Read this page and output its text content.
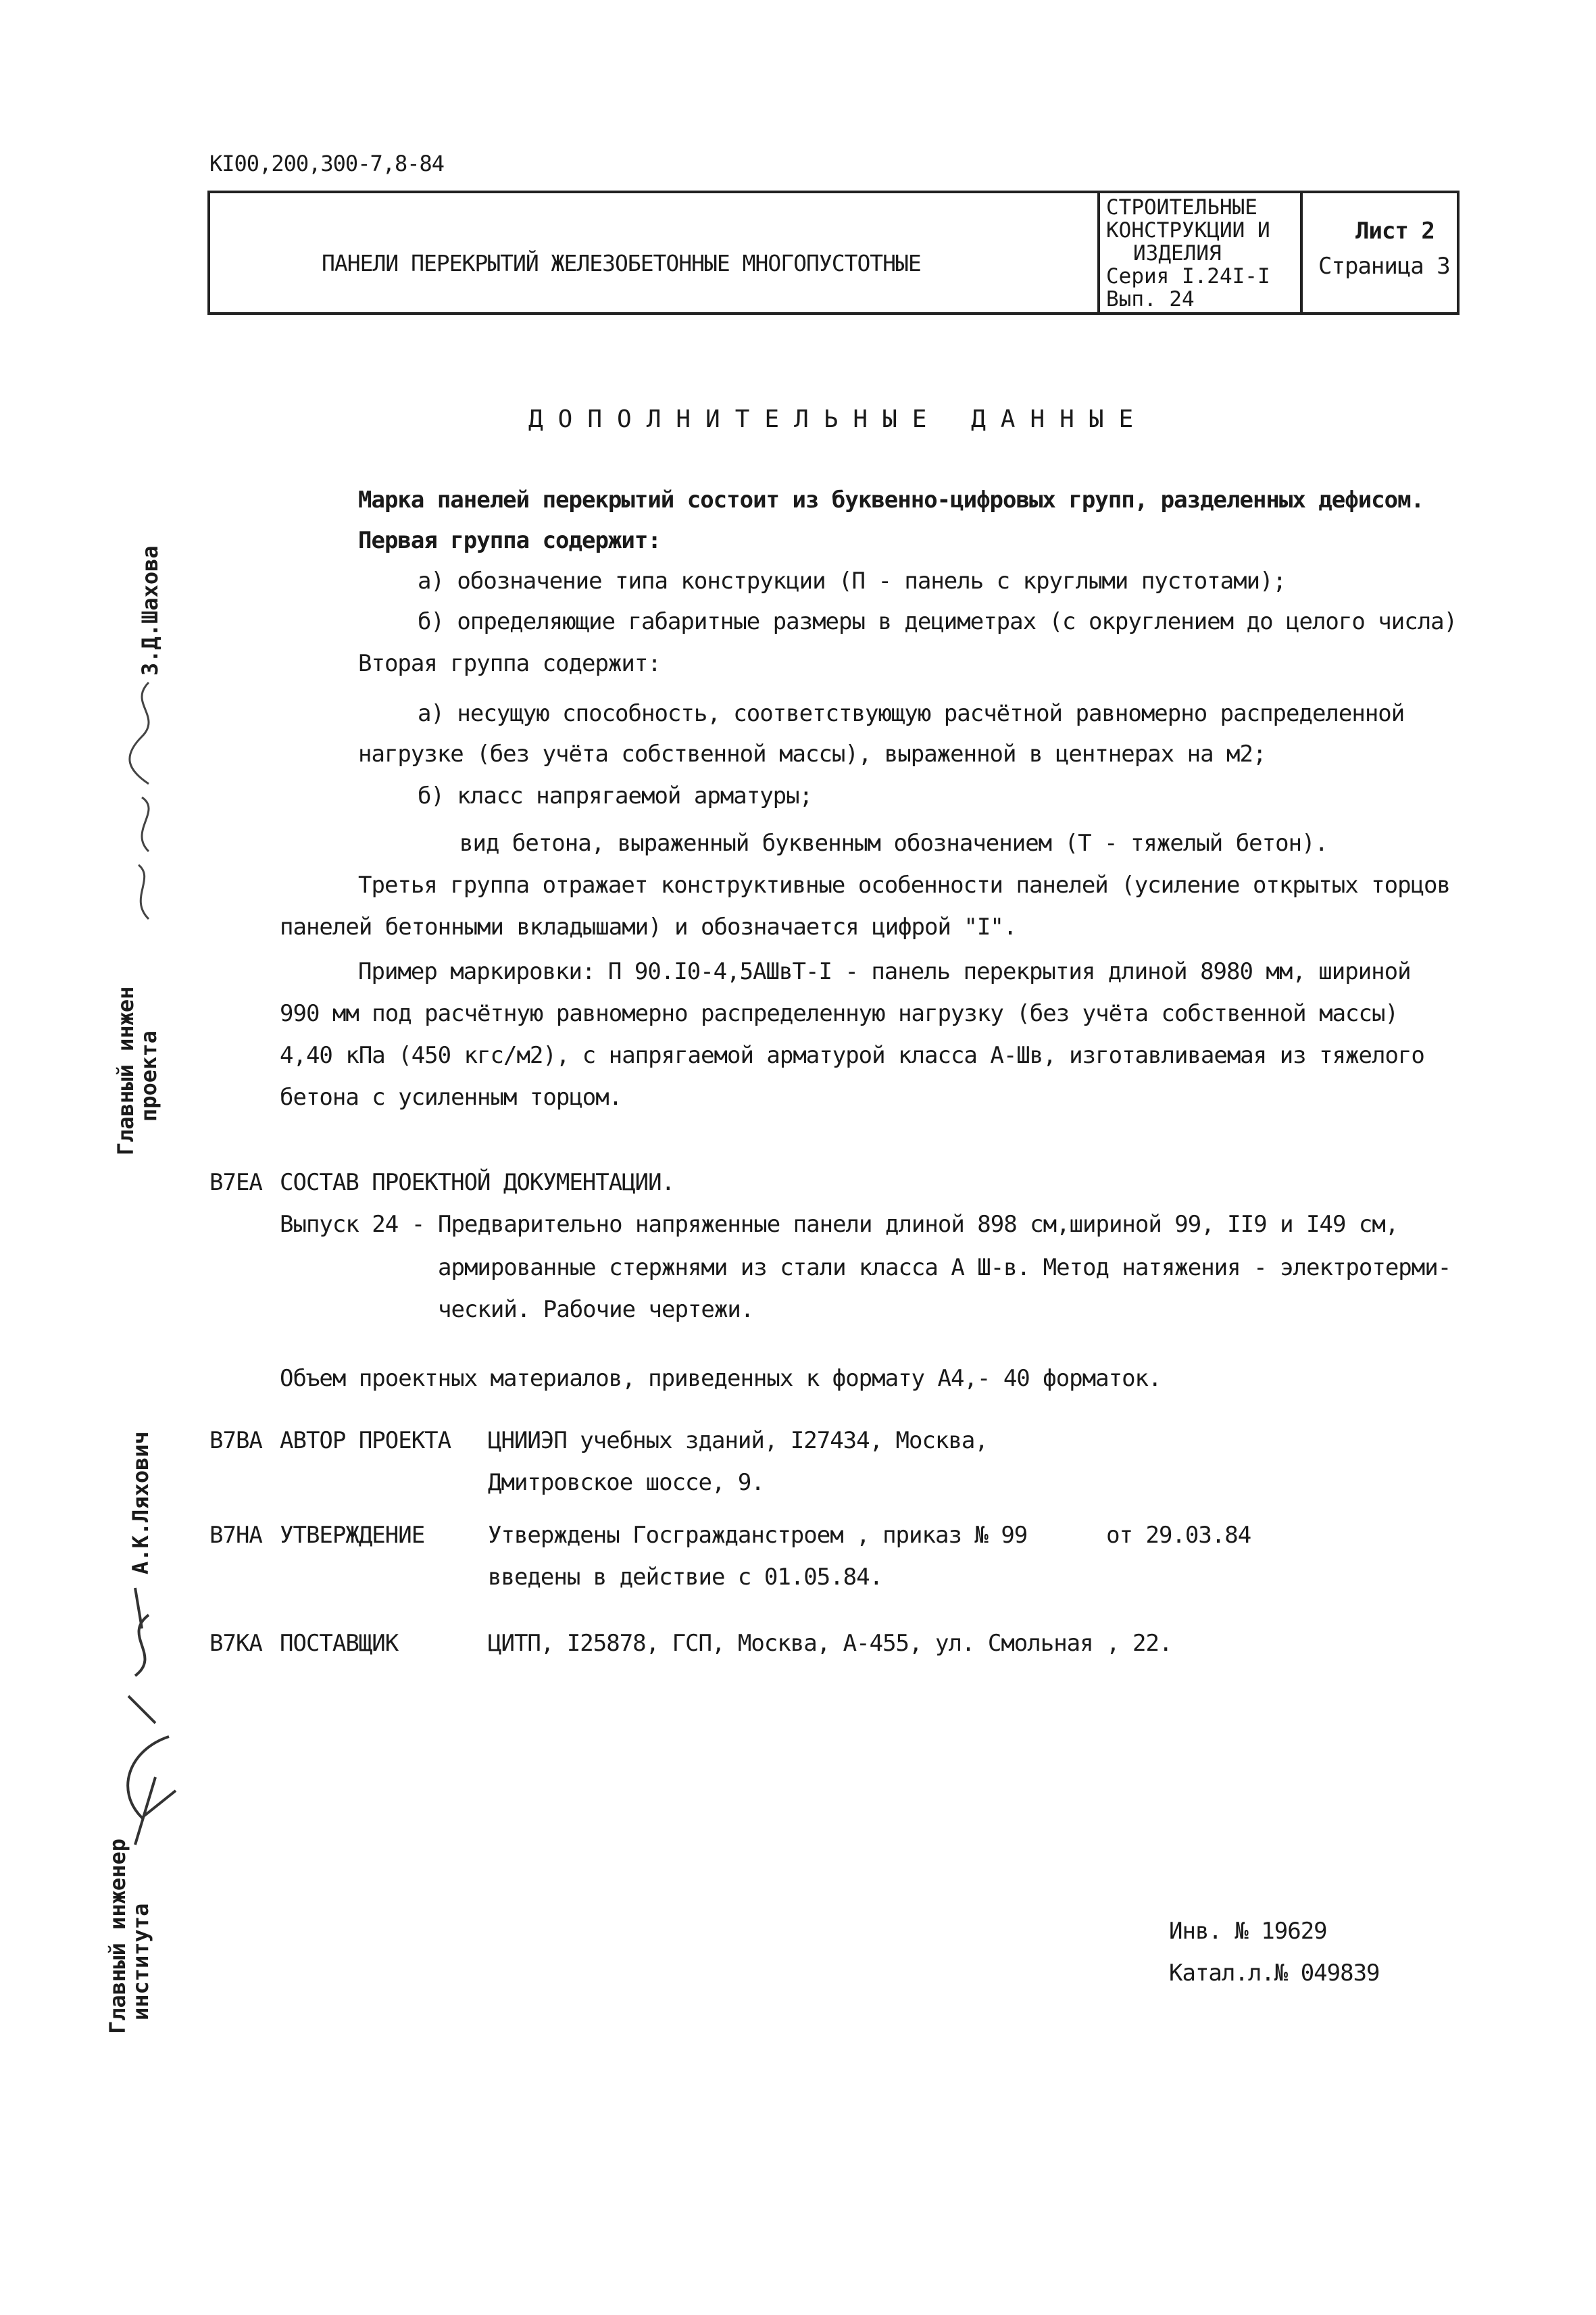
КI00,200,300-7,8-84
ПАНЕЛИ ПЕРЕКРЫТИЙ ЖЕЛЕЗОБЕТОННЫЕ МНОГОПУСТОТНЫЕ
СТРОИТЕЛЬНЫЕ
КОНСТРУКЦИИ И
ИЗДЕЛИЯ
Серия I.24I-I
Вып. 24
Лист 2
Страница 3
ДОПОЛНИТЕЛЬНЫЕ ДАННЫЕ
Марка панелей перекрытий состоит из буквенно-цифровых групп, разделенных дефисом.
Первая группа содержит:
а) обозначение типа конструкции (П - панель с круглыми пустотами);
б) определяющие габаритные размеры в дециметрах (с округлением до целого числа)
Вторая группа содержит:
а) несущую способность, соответствующую расчётной равномерно распределенной
нагрузке (без учёта собственной массы), выраженной в центнерах на м2;
б) класс напрягаемой арматуры;
вид бетона, выраженный буквенным обозначением (Т - тяжелый бетон).
Третья группа отражает конструктивные особенности панелей (усиление открытых торцов
панелей бетонными вкладышами) и обозначается цифрой "I".
Пример маркировки: П 90.I0-4,5АШвТ-I - панель перекрытия длиной 8980 мм, шириной
990 мм под расчётную равномерно распределенную нагрузку (без учёта собственной массы)
4,40 кПа (450 кгс/м2), с напрягаемой арматурой класса А-Шв, изготавливаемая из тяжелого
бетона с усиленным торцом.
В7ЕА СОСТАВ ПРОЕКТНОЙ ДОКУМЕНТАЦИИ.
Выпуск 24 - Предварительно напряженные панели длиной 898 см,шириной 99, II9 и I49 см,
армированные стержнями из стали класса А Ш-в. Метод натяжения - электротерми-
ческий. Рабочие чертежи.
Объем проектных материалов, приведенных к формату А4,- 40 форматок.
В7ВА АВТОР ПРОЕКТА ЦНИИЭП учебных зданий, I27434, Москва,
Дмитровское шоссе, 9.
В7НА УТВЕРЖДЕНИЕ	Утверждены Госгражданстроем , приказ № 99      от 29.03.84
введены в действие с 01.05.84.
В7КА ПОСТАВЩИК	ЦИТП, I25878, ГСП, Москва, А-455, ул. Смольная , 22.
Инв. № 19629
Катал.л.№ 049839
Главный инжен
проекта
З.Д.Шахова
Главный инженер
института
А.К.Ляхович
